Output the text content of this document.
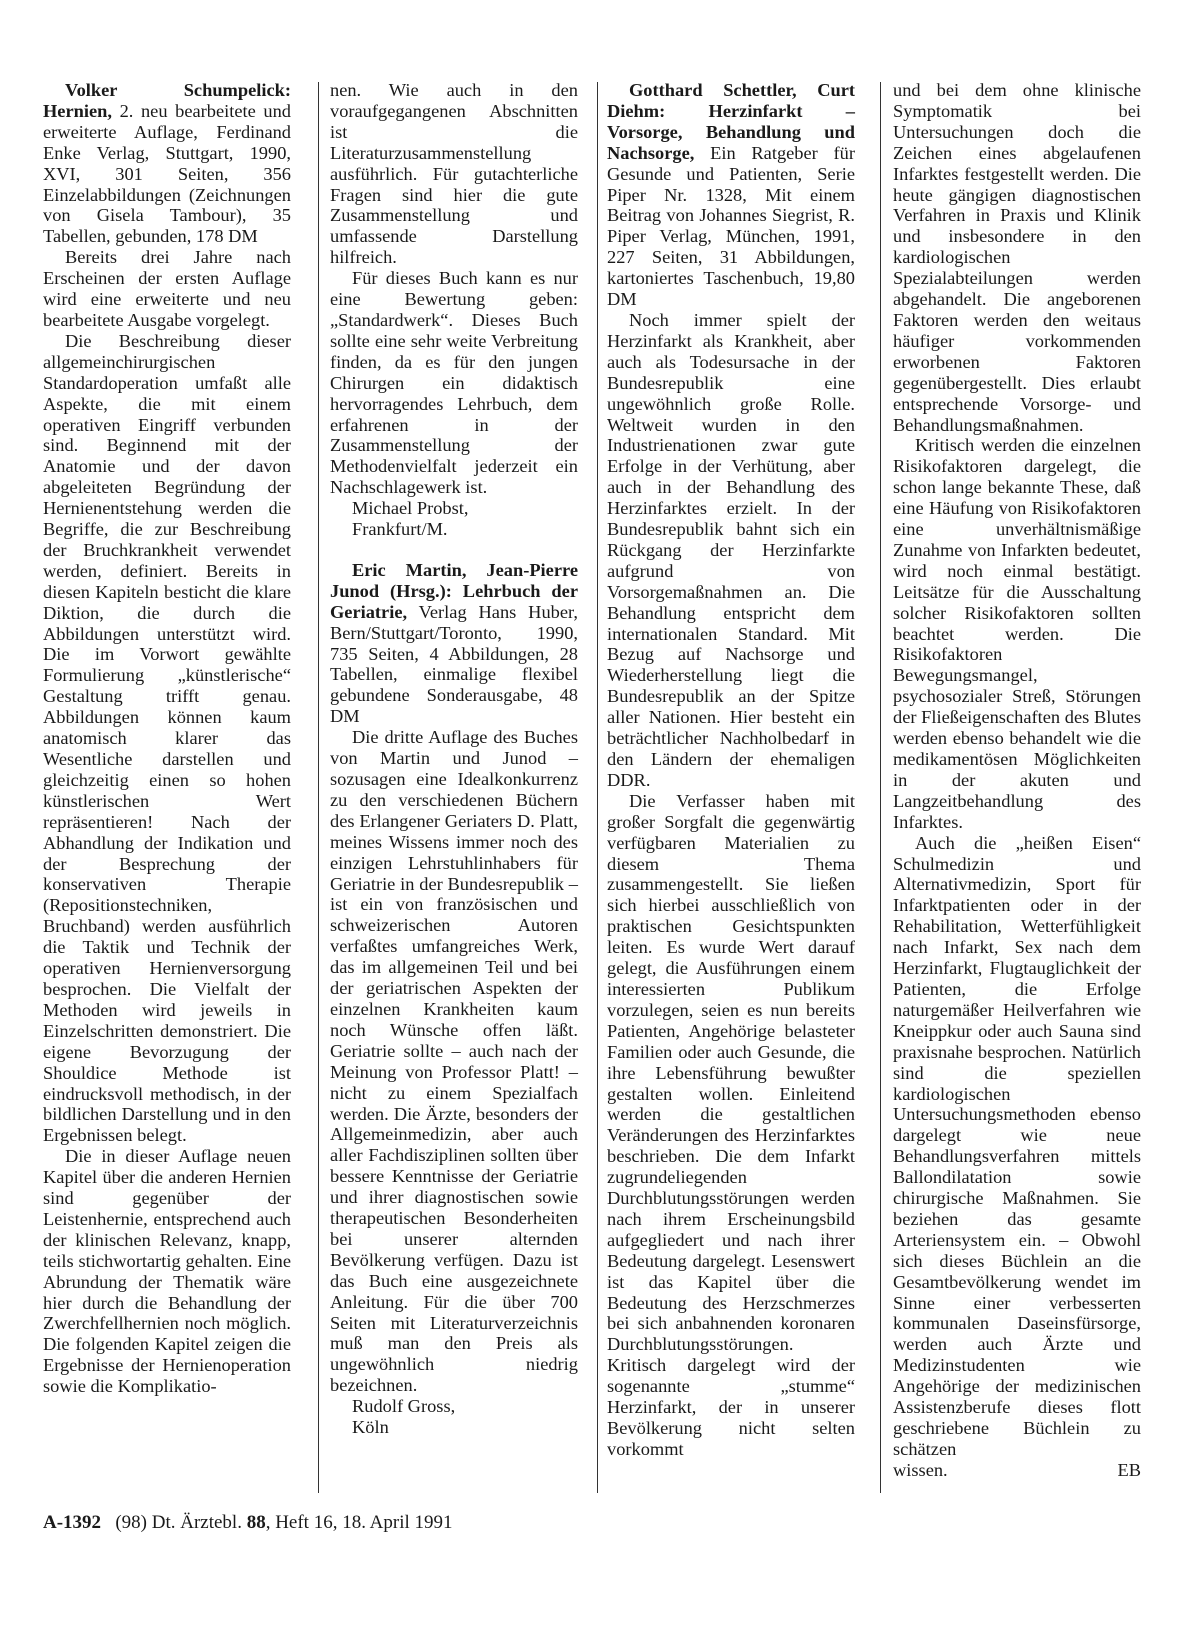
Volker Schumpelick: Hernien, 2. neu bearbeitete und erweiterte Auflage, Ferdinand Enke Verlag, Stuttgart, 1990, XVI, 301 Seiten, 356 Einzelabbildungen (Zeichnungen von Gisela Tambour), 35 Tabellen, gebunden, 178 DM

Bereits drei Jahre nach Erscheinen der ersten Auflage wird eine erweiterte und neu bearbeitete Ausgabe vorgelegt.

Die Beschreibung dieser allgemeinchirurgischen Standardoperation umfaßt alle Aspekte, die mit einem operativen Eingriff verbunden sind. Beginnend mit der Anatomie und der davon abgeleiteten Begründung der Hernienentstehung werden die Begriffe, die zur Beschreibung der Bruchkrankheit verwendet werden, definiert. Bereits in diesen Kapiteln besticht die klare Diktion, die durch die Abbildungen unterstützt wird. Die im Vorwort gewählte Formulierung „künstlerische“ Gestaltung trifft genau. Abbildungen können kaum anatomisch klarer das Wesentliche darstellen und gleichzeitig einen so hohen künstlerischen Wert repräsentieren! Nach der Abhandlung der Indikation und der Besprechung der konservativen Therapie (Repositionstechniken, Bruchband) werden ausführlich die Taktik und Technik der operativen Hernienversorgung besprochen. Die Vielfalt der Methoden wird jeweils in Einzelschritten demonstriert. Die eigene Bevorzugung der Shouldice Methode ist eindrucksvoll methodisch, in der bildlichen Darstellung und in den Ergebnissen belegt.

Die in dieser Auflage neuen Kapitel über die anderen Hernien sind gegenüber der Leistenhernie, entsprechend auch der klinischen Relevanz, knapp, teils stichwortartig gehalten. Eine Abrundung der Thematik wäre hier durch die Behandlung der Zwerchfellhernien noch möglich. Die folgenden Kapitel zeigen die Ergebnisse der Hernienoperation sowie die Komplikatio-

nen. Wie auch in den voraufgegangenen Abschnitten ist die Literaturzusammenstellung ausführlich. Für gutachterliche Fragen sind hier die gute Zusammenstellung und umfassende Darstellung hilfreich.

Für dieses Buch kann es nur eine Bewertung geben: „Standardwerk“. Dieses Buch sollte eine sehr weite Verbreitung finden, da es für den jungen Chirurgen ein didaktisch hervorragendes Lehrbuch, dem erfahrenen in der Zusammenstellung der Methodenvielfalt jederzeit ein Nachschlagewerk ist.

Michael Probst,

Frankfurt/M.

Eric Martin, Jean-Pierre Junod (Hrsg.): Lehrbuch der Geriatrie, Verlag Hans Huber, Bern/Stuttgart/Toronto, 1990, 735 Seiten, 4 Abbildungen, 28 Tabellen, einmalige flexibel gebundene Sonderausgabe, 48 DM

Die dritte Auflage des Buches von Martin und Junod – sozusagen eine Idealkonkurrenz zu den verschiedenen Büchern des Erlangener Geriaters D. Platt, meines Wissens immer noch des einzigen Lehrstuhlinhabers für Geriatrie in der Bundesrepublik – ist ein von französischen und schweizerischen Autoren verfaßtes umfangreiches Werk, das im allgemeinen Teil und bei der geriatrischen Aspekten der einzelnen Krankheiten kaum noch Wünsche offen läßt. Geriatrie sollte – auch nach der Meinung von Professor Platt! – nicht zu einem Spezialfach werden. Die Ärzte, besonders der Allgemeinmedizin, aber auch aller Fachdisziplinen sollten über bessere Kenntnisse der Geriatrie und ihrer diagnostischen sowie therapeutischen Besonderheiten bei unserer alternden Bevölkerung verfügen. Dazu ist das Buch eine ausgezeichnete Anleitung. Für die über 700 Seiten mit Literaturverzeichnis muß man den Preis als ungewöhnlich niedrig bezeichnen.

Rudolf Gross,

Köln

Gotthard Schettler, Curt Diehm: Herzinfarkt – Vorsorge, Behandlung und Nachsorge, Ein Ratgeber für Gesunde und Patienten, Serie Piper Nr. 1328, Mit einem Beitrag von Johannes Siegrist, R. Piper Verlag, München, 1991, 227 Seiten, 31 Abbildungen, kartoniertes Taschenbuch, 19,80 DM

Noch immer spielt der Herzinfarkt als Krankheit, aber auch als Todesursache in der Bundesrepublik eine ungewöhnlich große Rolle. Weltweit wurden in den Industrienationen zwar gute Erfolge in der Verhütung, aber auch in der Behandlung des Herzinfarktes erzielt. In der Bundesrepublik bahnt sich ein Rückgang der Herzinfarkte aufgrund von Vorsorgemaßnahmen an. Die Behandlung entspricht dem internationalen Standard. Mit Bezug auf Nachsorge und Wiederherstellung liegt die Bundesrepublik an der Spitze aller Nationen. Hier besteht ein beträchtlicher Nachholbedarf in den Ländern der ehemaligen DDR.

Die Verfasser haben mit großer Sorgfalt die gegenwärtig verfügbaren Materialien zu diesem Thema zusammengestellt. Sie ließen sich hierbei ausschließlich von praktischen Gesichtspunkten leiten. Es wurde Wert darauf gelegt, die Ausführungen einem interessierten Publikum vorzulegen, seien es nun bereits Patienten, Angehörige belasteter Familien oder auch Gesunde, die ihre Lebensführung bewußter gestalten wollen. Einleitend werden die gestaltlichen Veränderungen des Herzinfarktes beschrieben. Die dem Infarkt zugrundeliegenden Durchblutungsstörungen werden nach ihrem Erscheinungsbild aufgegliedert und nach ihrer Bedeutung dargelegt. Lesenswert ist das Kapitel über die Bedeutung des Herzschmerzes bei sich anbahnenden koronaren Durchblutungsstörungen. Kritisch dargelegt wird der sogenannte „stumme“ Herzinfarkt, der in unserer Bevölkerung nicht selten vorkommt

und bei dem ohne klinische Symptomatik bei Untersuchungen doch die Zeichen eines abgelaufenen Infarktes festgestellt werden. Die heute gängigen diagnostischen Verfahren in Praxis und Klinik und insbesondere in den kardiologischen Spezialabteilungen werden abgehandelt. Die angeborenen Faktoren werden den weitaus häufiger vorkommenden erworbenen Faktoren gegenübergestellt. Dies erlaubt entsprechende Vorsorge- und Behandlungsmaßnahmen.

Kritisch werden die einzelnen Risikofaktoren dargelegt, die schon lange bekannte These, daß eine Häufung von Risikofaktoren eine unverhältnismäßige Zunahme von Infarkten bedeutet, wird noch einmal bestätigt. Leitsätze für die Ausschaltung solcher Risikofaktoren sollten beachtet werden. Die Risikofaktoren Bewegungsmangel, psychosozialer Streß, Störungen der Fließeigenschaften des Blutes werden ebenso behandelt wie die medikamentösen Möglichkeiten in der akuten und Langzeitbehandlung des Infarktes.

Auch die „heißen Eisen“ Schulmedizin und Alternativmedizin, Sport für Infarktpatienten oder in der Rehabilitation, Wetterfühligkeit nach Infarkt, Sex nach dem Herzinfarkt, Flugtauglichkeit der Patienten, die Erfolge naturgemäßer Heilverfahren wie Kneippkur oder auch Sauna sind praxisnahe besprochen. Natürlich sind die speziellen kardiologischen Untersuchungsmethoden ebenso dargelegt wie neue Behandlungsverfahren mittels Ballondilatation sowie chirurgische Maßnahmen. Sie beziehen das gesamte Arteriensystem ein. – Obwohl sich dieses Büchlein an die Gesamtbevölkerung wendet im Sinne einer verbesserten kommunalen Daseinsfürsorge, werden auch Ärzte und Medizinstudenten wie Angehörige der medizinischen Assistenzberufe dieses flott geschriebene Büchlein zu schätzen

wissen.	EB

A-1392 (98) Dt. Ärztebl. 88, Heft 16, 18. April 1991
